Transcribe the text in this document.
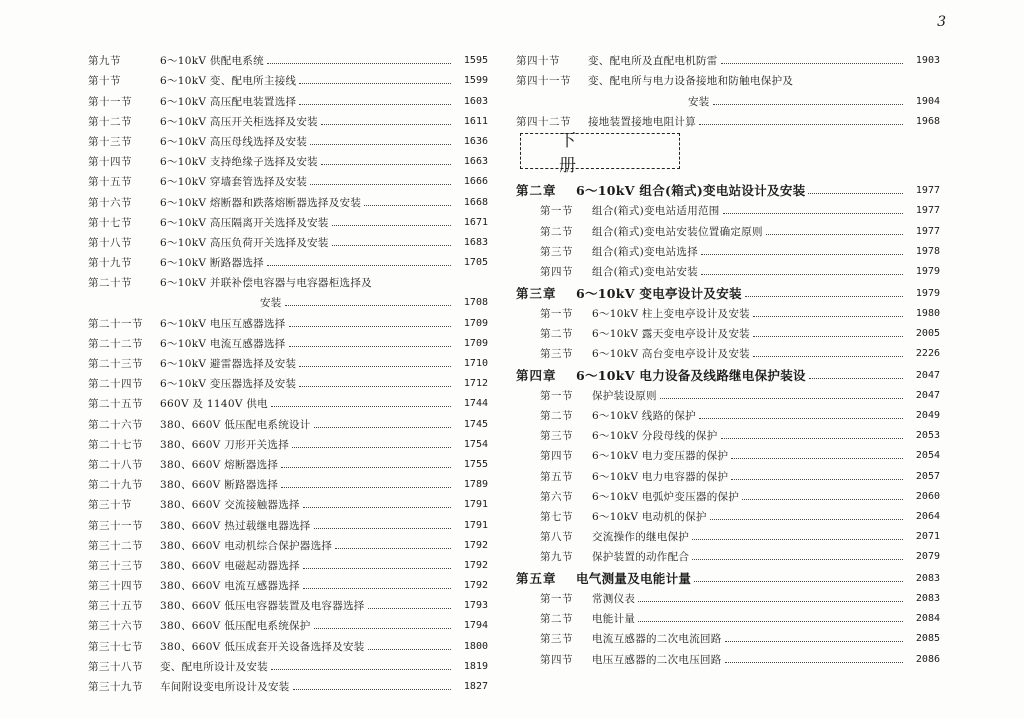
3
第九节	6～10kV 供配电系统	1595
第十节	6～10kV 变、配电所主接线	1599
第十一节	6～10kV 高压配电装置选择	1603
第十二节	6～10kV 高压开关柜选择及安装	1611
第十三节	6～10kV 高压母线选择及安装	1636
第十四节	6～10kV 支持绝缘子选择及安装	1663
第十五节	6～10kV 穿墙套管选择及安装	1666
第十六节	6～10kV 熔断器和跌落熔断器选择及安装	1668
第十七节	6～10kV 高压隔离开关选择及安装	1671
第十八节	6～10kV 高压负荷开关选择及安装	1683
第十九节	6～10kV 断路器选择	1705
第二十节	6～10kV 并联补偿电容器与电容器柜选择及
安装	1708
第二十一节	6～10kV 电压互感器选择	1709
第二十二节	6～10kV 电流互感器选择	1709
第二十三节	6～10kV 避雷器选择及安装	1710
第二十四节	6～10kV 变压器选择及安装	1712
第二十五节	660V 及 1140V 供电	1744
第二十六节	380、660V 低压配电系统设计	1745
第二十七节	380、660V 刀形开关选择	1754
第二十八节	380、660V 熔断器选择	1755
第二十九节	380、660V 断路器选择	1789
第三十节	380、660V 交流接触器选择	1791
第三十一节	380、660V 热过载继电器选择	1791
第三十二节	380、660V 电动机综合保护器选择	1792
第三十三节	380、660V 电磁起动器选择	1792
第三十四节	380、660V 电流互感器选择	1792
第三十五节	380、660V 低压电容器装置及电容器选择	1793
第三十六节	380、660V 低压配电系统保护	1794
第三十七节	380、660V 低压成套开关设备选择及安装	1800
第三十八节	变、配电所设计及安装	1819
第三十九节	车间附设变电所设计及安装	1827
第四十节	变、配电所及直配电机防雷	1903
第四十一节	变、配电所与电力设备接地和防触电保护及
安装	1904
第四十二节	接地装置接地电阻计算	1968
下 册
第二章	6～10kV 组合(箱式)变电站设计及安装	1977
第一节	组合(箱式)变电站适用范围	1977
第二节	组合(箱式)变电站安装位置确定原则	1977
第三节	组合(箱式)变电站选择	1978
第四节	组合(箱式)变电站安装	1979
第三章	6～10kV 变电亭设计及安装	1979
第一节	6～10kV 柱上变电亭设计及安装	1980
第二节	6～10kV 露天变电亭设计及安装	2005
第三节	6～10kV 高台变电亭设计及安装	2226
第四章	6～10kV 电力设备及线路继电保护装设	2047
第一节	保护装设原则	2047
第二节	6～10kV 线路的保护	2049
第三节	6～10kV 分段母线的保护	2053
第四节	6～10kV 电力变压器的保护	2054
第五节	6～10kV 电力电容器的保护	2057
第六节	6～10kV 电弧炉变压器的保护	2060
第七节	6～10kV 电动机的保护	2064
第八节	交流操作的继电保护	2071
第九节	保护装置的动作配合	2079
第五章	电气测量及电能计量	2083
第一节	常测仪表	2083
第二节	电能计量	2084
第三节	电流互感器的二次电流回路	2085
第四节	电压互感器的二次电压回路	2086
